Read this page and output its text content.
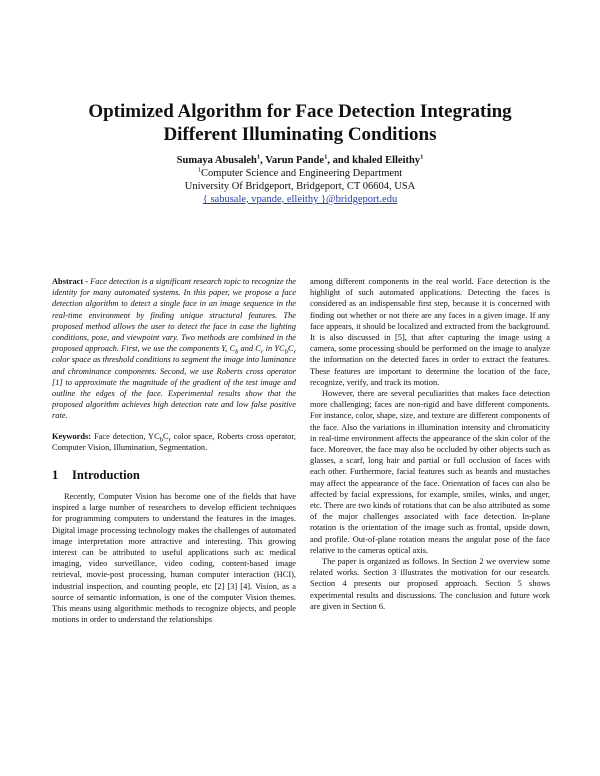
Optimized Algorithm for Face Detection Integrating
Different Illuminating Conditions
Sumaya Abusaleh$^1$, Varun Pande$^1$, and khaled Elleithy$^1$
$^1$Computer Science and Engineering Department
University Of Bridgeport, Bridgeport, CT 06604, USA
{ sabusale, vpande, elleithy }@bridgeport.edu

Abstract - Face detection is a significant research topic to recognize the identity for many automated systems. In this paper, we propose a face detection algorithm to detect a single face in an image sequence in the real-time environment by finding unique structural features. The proposed method allows the user to detect the face in case the lighting conditions, pose, and viewpoint vary. Two methods are combined in the proposed approach. First, we use the components Y, $C_b$ and $C_r$ in $YC_bC_r$ color space as threshold conditions to segment the image into luminance and chrominance components. Second, we use Roberts cross operator [1] to approximate the magnitude of the gradient of the test image and outline the edges of the face. Experimental results show that the proposed algorithm achieves high detection rate and low false positive rate.

Keywords: Face detection, $YC_bC_r$ color space, Roberts cross operator, Computer Vision, Illumination, Segmentation.

1 Introduction

Recently, Computer Vision has become one of the fields that have inspired a large number of researchers to develop efficient techniques for programming computers to understand the features in the images. Digital image processing technology makes the challenges of automated image interpretation more attractive and interesting. This growing interest can be attributed to useful applications such as: medical imaging, video surveillance, video coding, content-based image retrieval, movie-post processing, human computer interaction (HCI), industrial inspection, and counting people, etc [2] [3] [4]. Vision, as a source of semantic information, is one of the computer Vision themes. This means using algorithmic methods to recognize objects, and people motions in order to understand the relationships

among different components in the real world. Face detection is the highlight of such automated applications. Detecting the faces is considered as an indispensable first step, because it is concerned with finding out whether or not there are any faces in a given image. If any face appears, it should be localized and extracted from the background. It is also discussed in [5], that after capturing the image using a camera, some processing should be performed on the image to analyze the information on the detected faces in order to extract the features. These features are important to determine the location of the face, recognize, verify, and track its motion.

However, there are several peculiarities that makes face detection more challenging; faces are non-rigid and have different components. For instance, color, shape, size, and texture are different components of the face. Also the variations in illumination intensity and chromaticity in real-time environment affects the appearance of the skin color of the face. Moreover, the face may also be occluded by other objects such as glasses, a scarf, long hair and partial or full occlusion of faces with each other. Furthermore, facial features such as beards and mustaches may affect the appearance of the face. Orientation of faces can also be affected by facial expressions, for example, smiles, winks, and anger, etc. There are two kinds of rotations that can be also attributed as some of the major challenges associated with face detection. In-plane rotation is the orientation of the image such as frontal, upside down, and profile. Out-of-plane rotation means the angular pose of the face relative to the cameras optical axis.

The paper is organized as follows. In Section 2 we overview some related works. Section 3 illustrates the motivation for our research. Section 4 presents our proposed approach. Section 5 shows experimental results and discussions. The conclusion and future work are given in Section 6.
